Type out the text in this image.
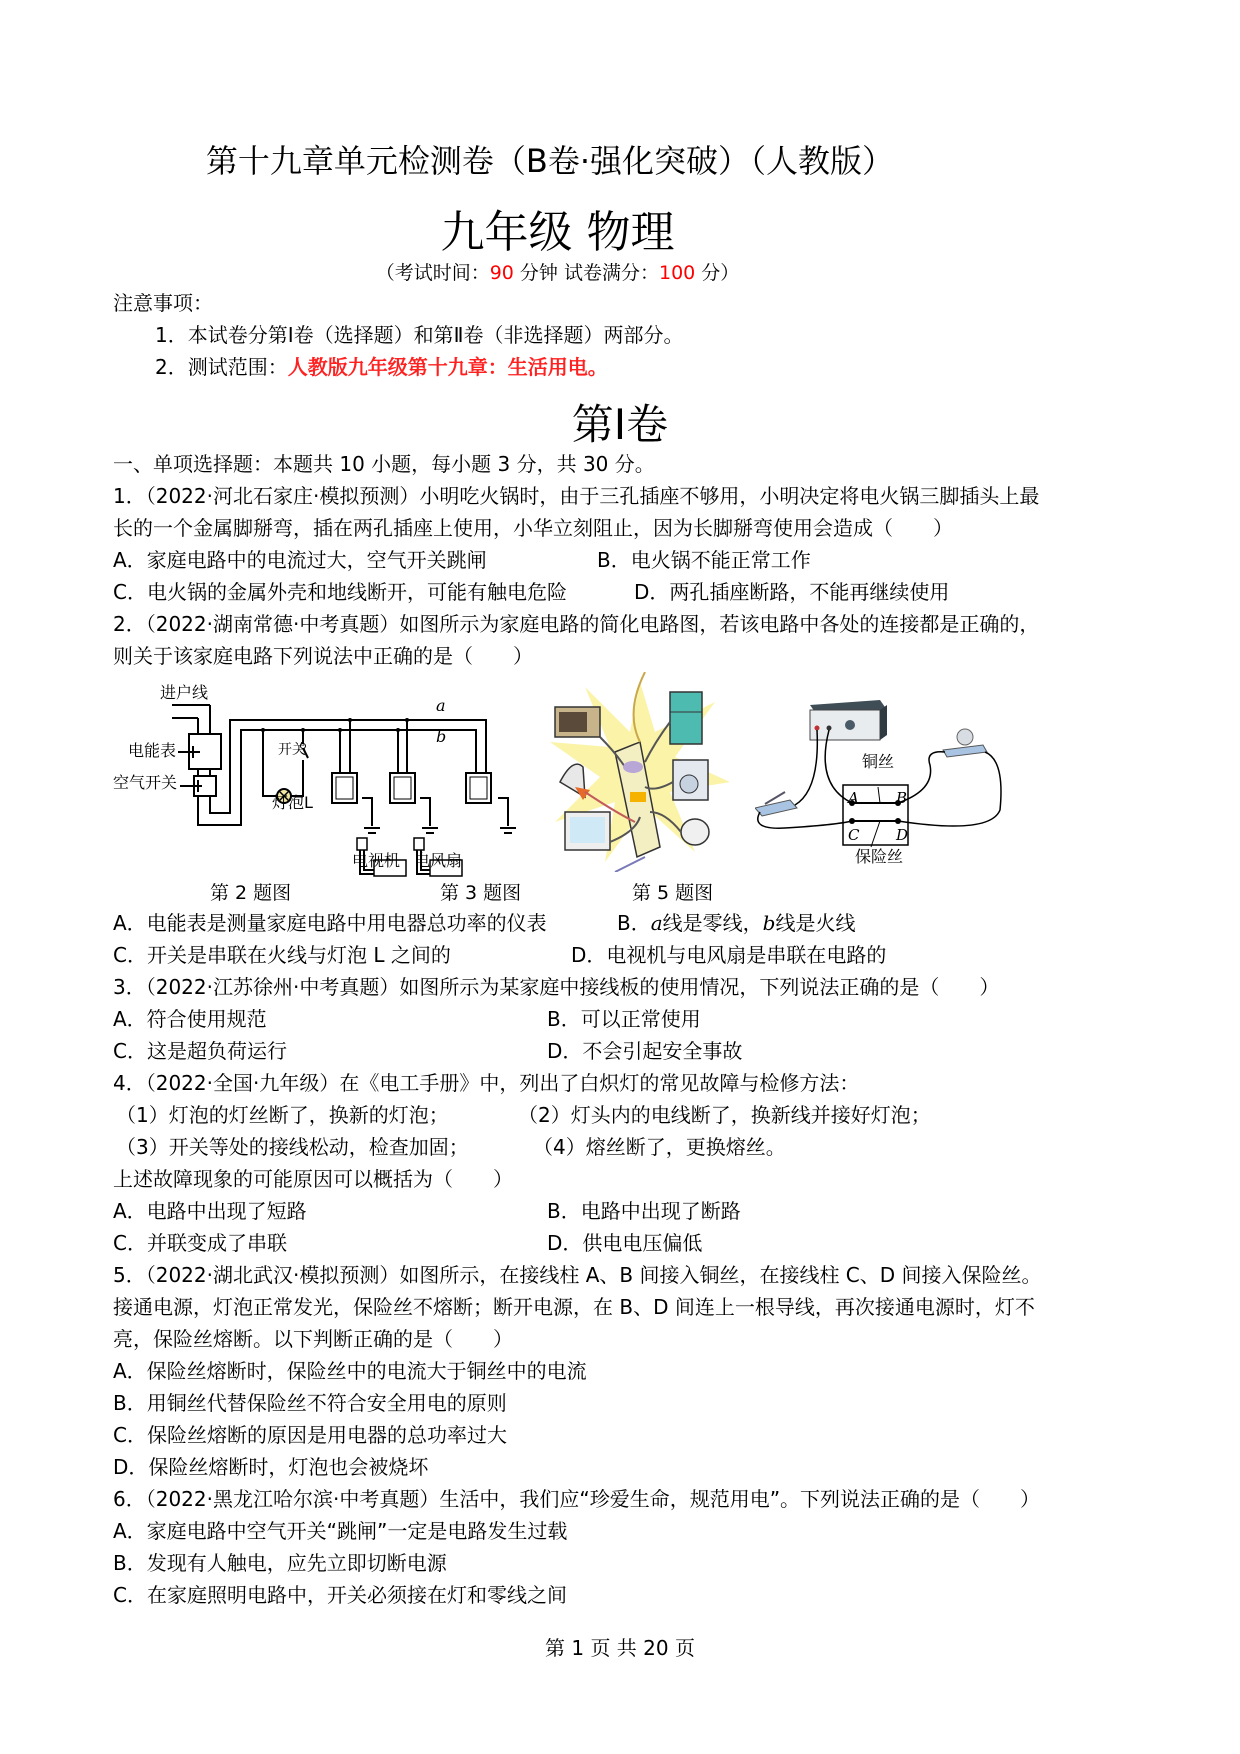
第十九章单元检测卷（B卷·强化突破）（人教版）
九年级 物理
（考试时间：90 分钟 试卷满分：100 分）
注意事项：
1．本试卷分第Ⅰ卷（选择题）和第Ⅱ卷（非选择题）两部分。
2．测试范围：人教版九年级第十九章：生活用电。
第Ⅰ卷
一、单项选择题：本题共 10 小题，每小题 3 分，共 30 分。
1．（2022·河北石家庄·模拟预测）小明吃火锅时，由于三孔插座不够用，小明决定将电火锅三脚插头上最
长的一个金属脚掰弯，插在两孔插座上使用，小华立刻阻止，因为长脚掰弯使用会造成（　　）
A．家庭电路中的电流过大，空气开关跳闸	B．电火锅不能正常工作
C．电火锅的金属外壳和地线断开，可能有触电危险	D．两孔插座断路，不能再继续使用
2．（2022·湖南常德·中考真题）如图所示为家庭电路的简化电路图，若该电路中各处的连接都是正确的，
则关于该家庭电路下列说法中正确的是（　　）
进户线
电能表
空气开关
开关
灯泡L
a
b
电视机 电风扇
铜丝
A B
C D
保险丝
第 2 题图	第 3 题图	第 5 题图
A．电能表是测量家庭电路中用电器总功率的仪表	B．a线是零线，b线是火线
C．开关是串联在火线与灯泡 L 之间的	D．电视机与电风扇是串联在电路的
3．（2022·江苏徐州·中考真题）如图所示为某家庭中接线板的使用情况，下列说法正确的是（　　）
A．符合使用规范	B．可以正常使用
C．这是超负荷运行	D．不会引起安全事故
4．（2022·全国·九年级）在《电工手册》中，列出了白炽灯的常见故障与检修方法：
（1）灯泡的灯丝断了，换新的灯泡；	（2）灯头内的电线断了，换新线并接好灯泡；
（3）开关等处的接线松动，检查加固；	（4）熔丝断了，更换熔丝。
上述故障现象的可能原因可以概括为（　　）
A．电路中出现了短路	B．电路中出现了断路
C．并联变成了串联	D．供电电压偏低
5．（2022·湖北武汉·模拟预测）如图所示，在接线柱 A、B 间接入铜丝，在接线柱 C、D 间接入保险丝。
接通电源，灯泡正常发光，保险丝不熔断；断开电源，在 B、D 间连上一根导线，再次接通电源时，灯不
亮，保险丝熔断。以下判断正确的是（　　）
A．保险丝熔断时，保险丝中的电流大于铜丝中的电流
B．用铜丝代替保险丝不符合安全用电的原则
C．保险丝熔断的原因是用电器的总功率过大
D．保险丝熔断时，灯泡也会被烧坏
6．（2022·黑龙江哈尔滨·中考真题）生活中，我们应“珍爱生命，规范用电”。下列说法正确的是（　　）
A．家庭电路中空气开关“跳闸”一定是电路发生过载
B．发现有人触电，应先立即切断电源
C．在家庭照明电路中，开关必须接在灯和零线之间
第 1 页 共 20 页
